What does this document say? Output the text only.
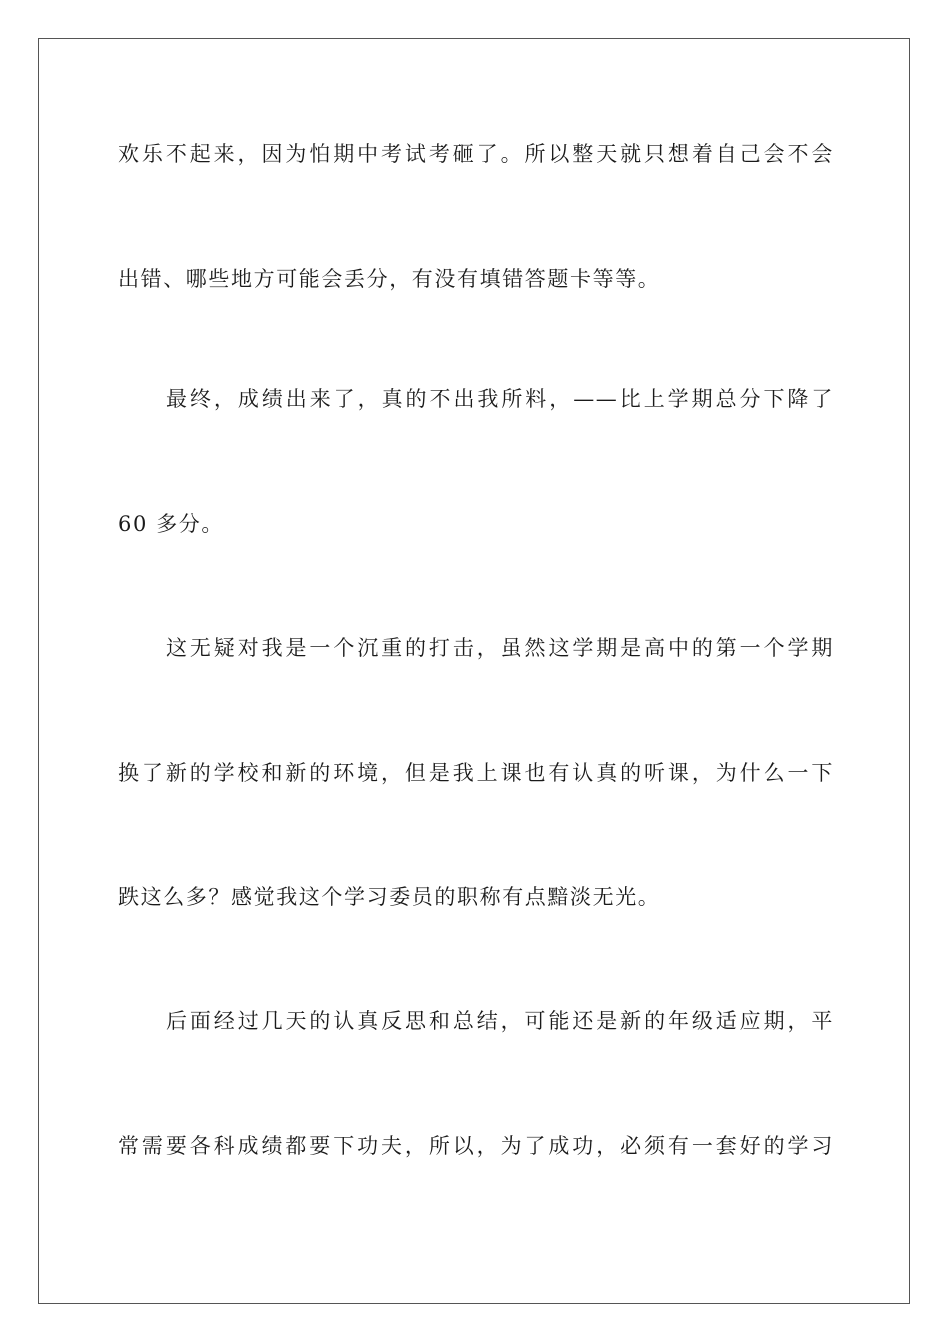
欢乐不起来，因为怕期中考试考砸了。所以整天就只想着自己会不会
出错、哪些地方可能会丢分，有没有填错答题卡等等。
最终，成绩出来了，真的不出我所料，——比上学期总分下降了
60 多分。
这无疑对我是一个沉重的打击，虽然这学期是高中的第一个学期
换了新的学校和新的环境，但是我上课也有认真的听课，为什么一下
跌这么多？感觉我这个学习委员的职称有点黯淡无光。
后面经过几天的认真反思和总结，可能还是新的年级适应期，平
常需要各科成绩都要下功夫，所以，为了成功，必须有一套好的学习
